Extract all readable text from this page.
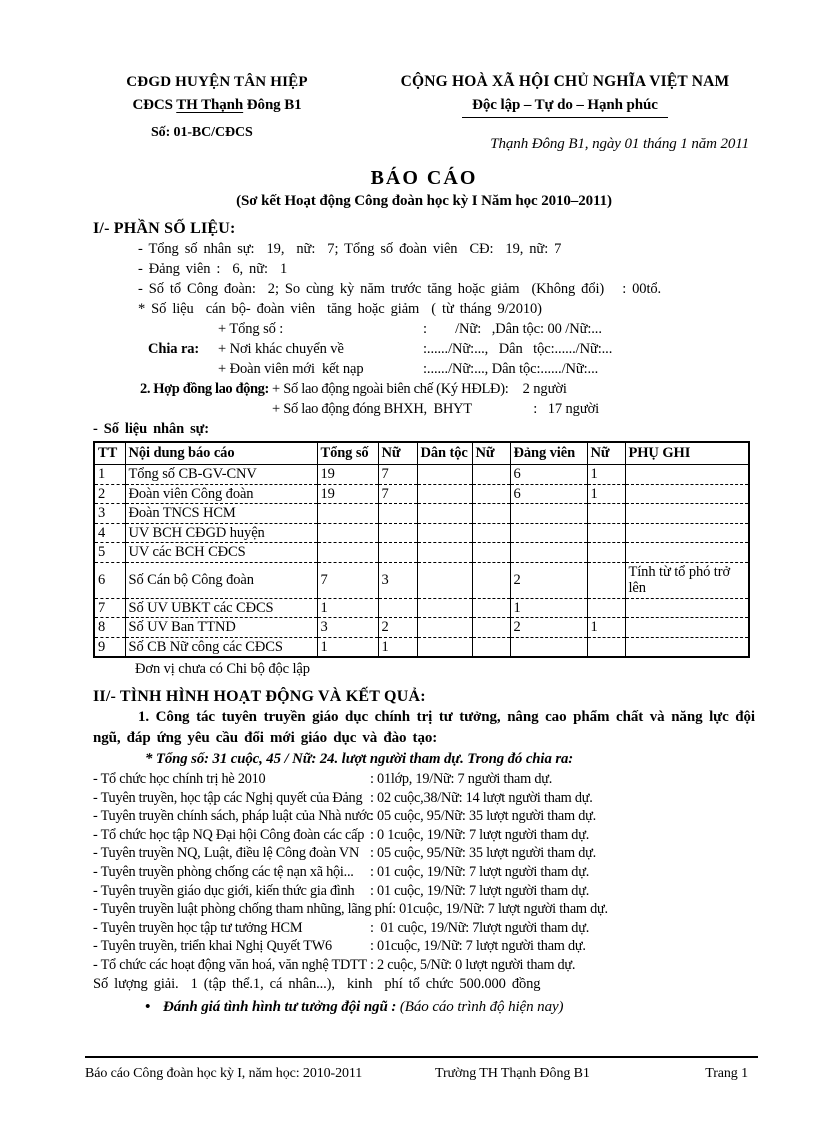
CĐGD HUYỆN TÂN HIỆP
CĐCS TH Thạnh Đông B1
Số: 01-BC/CĐCS
CỘNG HOÀ XÃ HỘI CHỦ NGHĨA VIỆT NAM
Độc lập – Tự do – Hạnh phúc
Thạnh Đông B1, ngày 01 tháng 1 năm 2011
BÁO CÁO
(Sơ kết Hoạt động Công đoàn học kỳ I Năm học 2010–2011)
I/- PHẦN SỐ LIỆU:
- Tổng số nhân sự:  19,  nữ:  7; Tổng số đoàn viên  CĐ:  19, nữ: 7
- Đảng viên :  6, nữ:  1
- Số tổ Công đoàn:  2; So cùng kỳ năm trước tăng hoặc giảm  (Không đổi)   : 00tổ.
* Số liệu  cán bộ- đoàn viên  tăng hoặc giảm  ( từ tháng 9/2010)
+ Tổng số :	:        /Nữ:   ,Dân tộc: 00 /Nữ:...
Chia ra:	+ Nơi khác chuyển về	:....../Nữ:...,   Dân   tộc:....../Nữ:...
+ Đoàn viên mới  kết nạp	:....../Nữ:..., Dân tộc:....../Nữ:...
2. Hợp đồng lao động: + Số lao động ngoài biên chế (Ký HĐLĐ): 2 người
+ Số lao động đóng BHXH,  BHYT	:   17 người
- Số liệu nhân sự:
TT	Nội dung báo cáo	Tổng số	Nữ	Dân tộc	Nữ	Đảng viên	Nữ	PHỤ GHI
1	Tổng số CB-GV-CNV	19	7			6	1	
2	Đoàn viên Công đoàn	19	7			6	1	
3	Đoàn TNCS HCM							
4	UV BCH CĐGD huyện							
5	UV các BCH CĐCS							
6	Số Cán bộ Công đoàn	7	3			2		Tính từ tổ phó trở lên
7	Số UV UBKT các CĐCS	1				1		
8	Số UV Ban TTND	3	2			2	1	
9	Số CB Nữ công các CĐCS	1	1					
Đơn vị chưa có Chi bộ độc lập
II/- TÌNH HÌNH HOẠT ĐỘNG VÀ KẾT QUẢ:
1. Công tác tuyên truyền giáo dục chính trị tư tưởng, nâng cao phẩm chất và năng lực đội ngũ, đáp ứng yêu cầu đổi mới giáo dục và đào tạo:
* Tổng số: 31 cuộc, 45 / Nữ: 24. lượt người tham dự. Trong đó chia ra:
- Tổ chức học chính trị hè 2010	: 01lớp, 19/Nữ: 7 người tham dự.
- Tuyên truyền, học tập các Nghị quyết của Đảng : 02 cuộc,38/Nữ: 14 lượt người tham dự.
- Tuyên truyền chính sách, pháp luật của Nhà nước
: 05 cuộc, 95/Nữ: 35 lượt người tham dự.
- Tổ chức học tập NQ Đại hội Công đoàn các cấp : 0 1cuộc, 19/Nữ: 7 lượt người tham dự.
- Tuyên truyền NQ, Luật, điều lệ Công đoàn VN : 05 cuộc, 95/Nữ: 35 lượt người tham dự.
- Tuyên truyền phòng chống các tệ nạn xã hội...	: 01 cuộc, 19/Nữ: 7 lượt người tham dự.
- Tuyên truyền giáo dục giới, kiến thức gia đình	: 01 cuộc, 19/Nữ: 7 lượt người tham dự.
- Tuyên truyền luật phòng chống tham nhũng, lãng phí: 01cuộc, 19/Nữ: 7 lượt người tham dự.
- Tuyên truyền học tập tư tưởng HCM	:  01 cuộc, 19/Nữ: 7lượt người tham dự.
- Tuyên truyền, triển khai Nghị Quyết TW6	: 01cuộc, 19/Nữ: 7 lượt người tham dự.
- Tổ chức các hoạt động văn hoá, văn nghệ TDTT : 2 cuộc, 5/Nữ: 0 lượt người tham dự.
Số lượng giải.  1 (tập thể.1, cá nhân...),  kinh  phí tổ chức 500.000 đồng
• Đánh giá tình hình tư tưởng đội ngũ : (Báo cáo trình độ hiện nay)
Báo cáo Công đoàn học kỳ I, năm học: 2010-2011	Trường TH Thạnh Đông B1	Trang 1
